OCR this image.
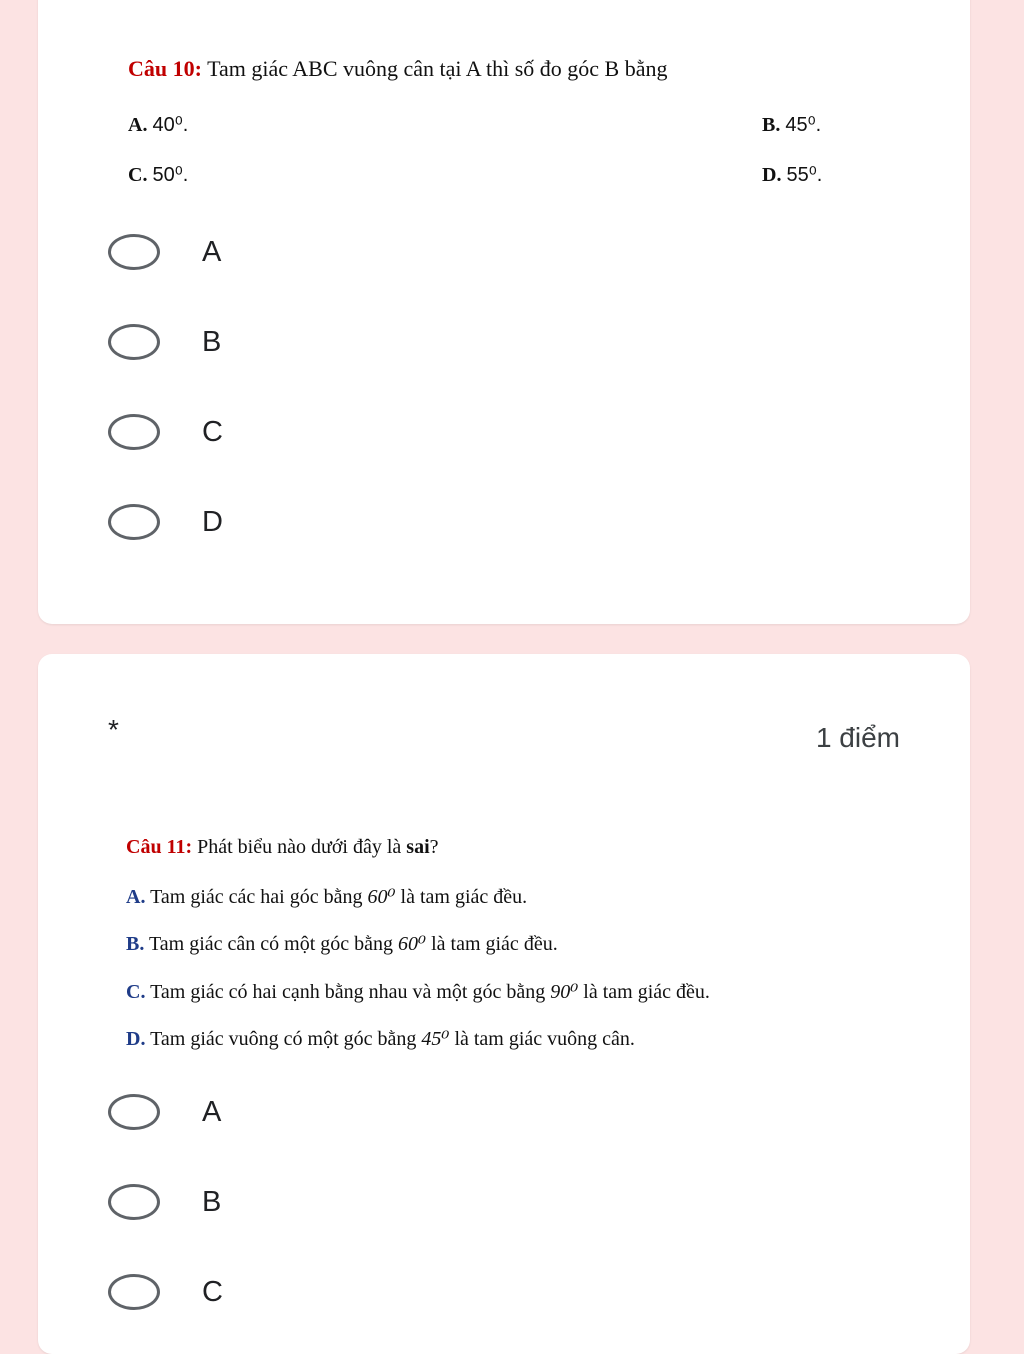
Câu 10: Tam giác ABC vuông cân tại A thì số đo góc B bằng
A. 40⁰.	B. 45⁰.
C. 50⁰.	D. 55⁰.
A
B
C
D
*	1 điểm
Câu 11: Phát biểu nào dưới đây là sai?
A. Tam giác các hai góc bằng 60⁰ là tam giác đều.
B. Tam giác cân có một góc bằng 60⁰ là tam giác đều.
C. Tam giác có hai cạnh bằng nhau và một góc bằng 90⁰ là tam giác đều.
D. Tam giác vuông có một góc bằng 45⁰ là tam giác vuông cân.
A
B
C
